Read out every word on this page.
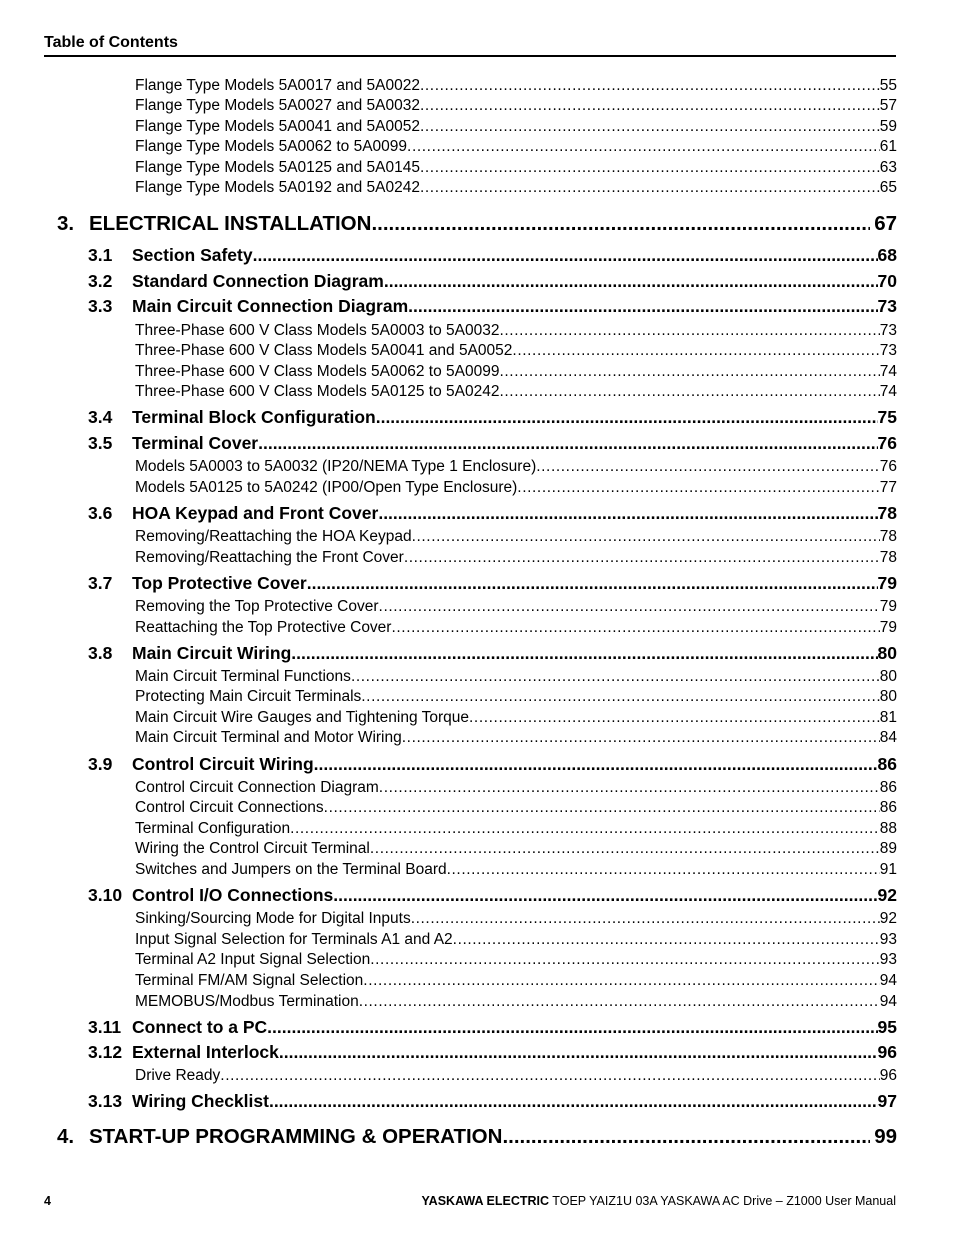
Table of Contents
Flange Type Models 5A0017 and 5A0022 .....	55
Flange Type Models 5A0027 and 5A0032 .....	57
Flange Type Models 5A0041 and 5A0052 .....	59
Flange Type Models 5A0062 to 5A0099 .....	61
Flange Type Models 5A0125 and 5A0145 .....	63
Flange Type Models 5A0192 and 5A0242 .....	65
3. ELECTRICAL INSTALLATION .....	67
3.1 Section Safety .....	68
3.2 Standard Connection Diagram .....	70
3.3 Main Circuit Connection Diagram .....	73
Three-Phase 600 V Class Models 5A0003 to 5A0032 .....	73
Three-Phase 600 V Class Models 5A0041 and 5A0052 .....	73
Three-Phase 600 V Class Models 5A0062 to 5A0099 .....	74
Three-Phase 600 V Class Models 5A0125 to 5A0242 .....	74
3.4 Terminal Block Configuration .....	75
3.5 Terminal Cover .....	76
Models 5A0003 to 5A0032 (IP20/NEMA Type 1 Enclosure) .....	76
Models 5A0125 to 5A0242 (IP00/Open Type Enclosure) .....	77
3.6 HOA Keypad and Front Cover .....	78
Removing/Reattaching the HOA Keypad .....	78
Removing/Reattaching the Front Cover .....	78
3.7 Top Protective Cover .....	79
Removing the Top Protective Cover .....	79
Reattaching the Top Protective Cover .....	79
3.8 Main Circuit Wiring .....	80
Main Circuit Terminal Functions .....	80
Protecting Main Circuit Terminals .....	80
Main Circuit Wire Gauges and Tightening Torque .....	81
Main Circuit Terminal and Motor Wiring .....	84
3.9 Control Circuit Wiring .....	86
Control Circuit Connection Diagram .....	86
Control Circuit Connections .....	86
Terminal Configuration .....	88
Wiring the Control Circuit Terminal .....	89
Switches and Jumpers on the Terminal Board .....	91
3.10 Control I/O Connections .....	92
Sinking/Sourcing Mode for Digital Inputs .....	92
Input Signal Selection for Terminals A1 and A2 .....	93
Terminal A2 Input Signal Selection .....	93
Terminal FM/AM Signal Selection .....	94
MEMOBUS/Modbus Termination .....	94
3.11 Connect to a PC .....	95
3.12 External Interlock .....	96
Drive Ready .....	96
3.13 Wiring Checklist .....	97
4. START-UP PROGRAMMING & OPERATION .....	99
4	YASKAWA ELECTRIC TOEP YAIZ1U 03A YASKAWA AC Drive – Z1000 User Manual
